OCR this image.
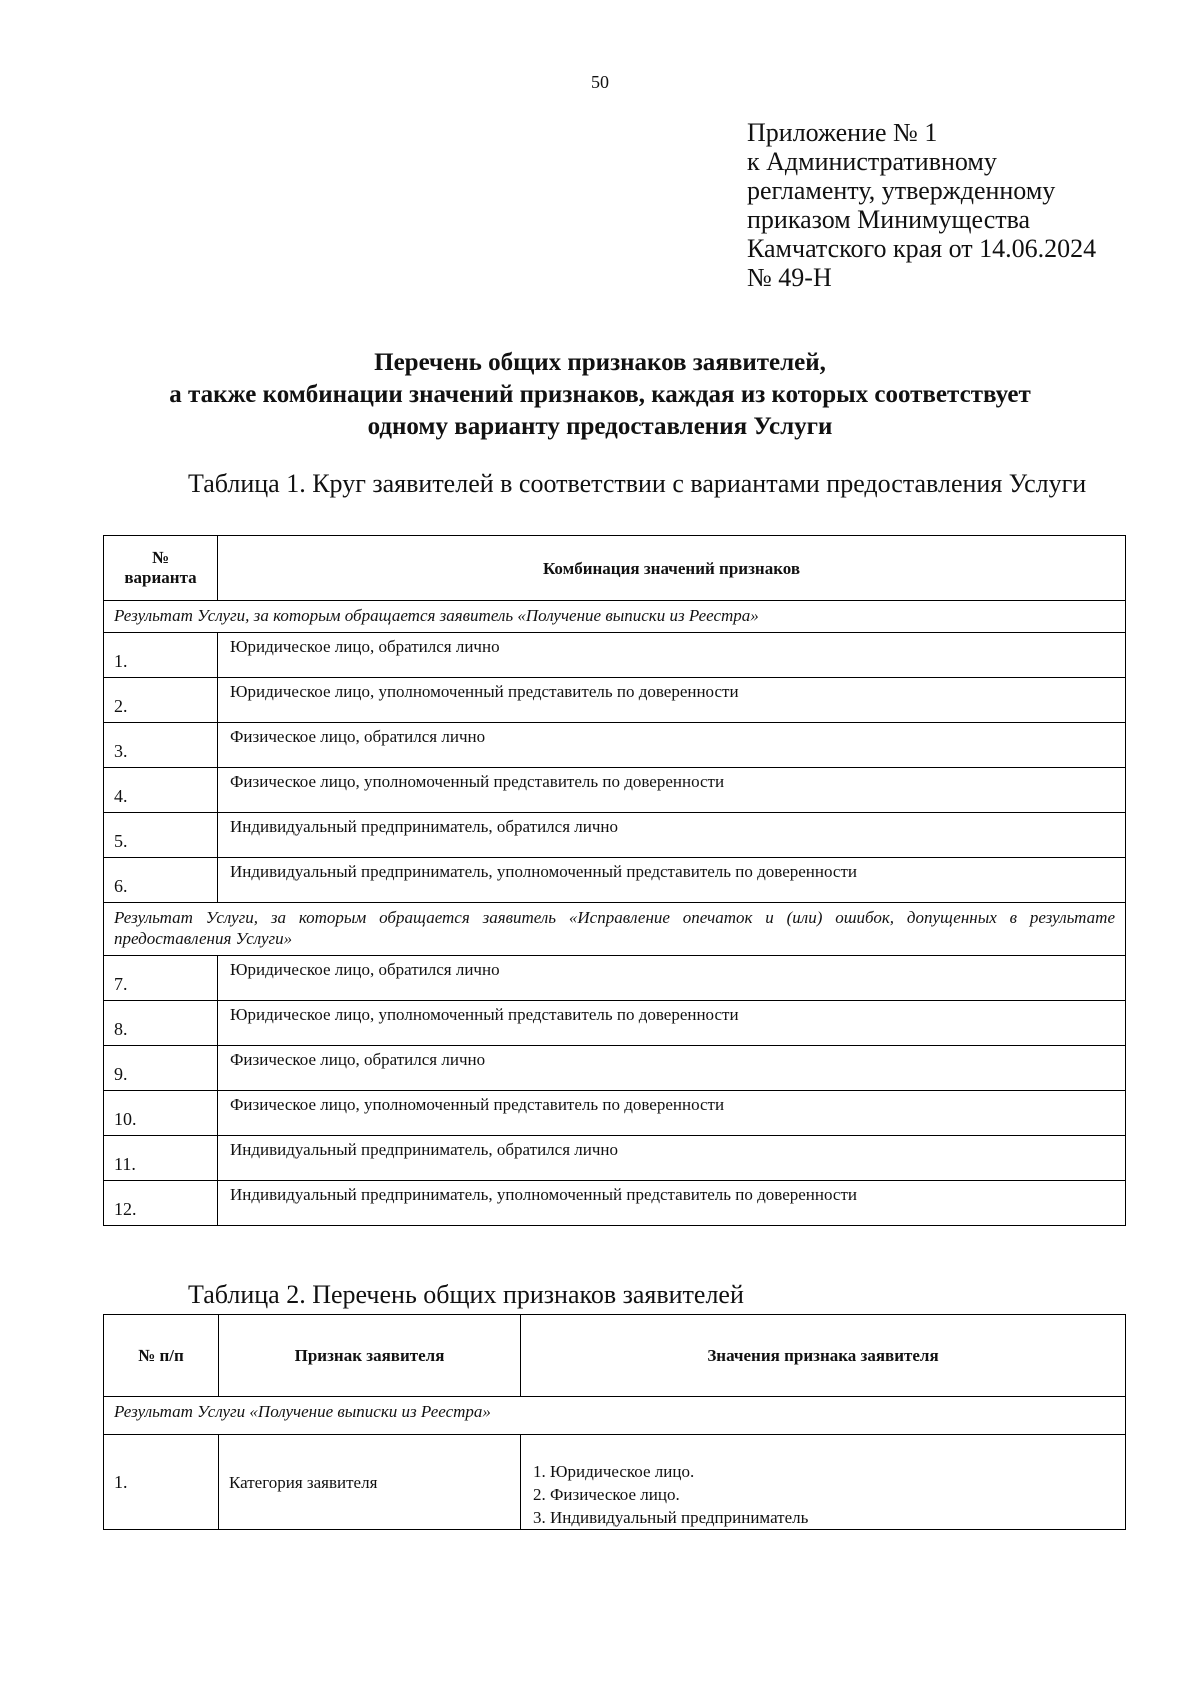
50
Приложение № 1
к Административному
регламенту, утвержденному
приказом Минимущества
Камчатского края от 14.06.2024
№ 49-Н
Перечень общих признаков заявителей,
а также комбинации значений признаков, каждая из которых соответствует
одному варианту предоставления Услуги
Таблица 1. Круг заявителей в соответствии с вариантами предоставления Услуги
№
варианта	Комбинация значений признаков
Результат Услуги, за которым обращается заявитель «Получение выписки из Реестра»	
1.	Юридическое лицо, обратился лично
2.	Юридическое лицо, уполномоченный представитель по доверенности
3.	Физическое лицо, обратился лично
4.	Физическое лицо, уполномоченный представитель по доверенности
5.	Индивидуальный предприниматель, обратился лично
6.	Индивидуальный предприниматель, уполномоченный представитель по доверенности
Результат Услуги, за которым обращается заявитель «Исправление опечаток и (или) ошибок, допущенных в результате предоставления Услуги»	
7.	Юридическое лицо, обратился лично
8.	Юридическое лицо, уполномоченный представитель по доверенности
9.	Физическое лицо, обратился лично
10.	Физическое лицо, уполномоченный представитель по доверенности
11.	Индивидуальный предприниматель, обратился лично
12.	Индивидуальный предприниматель, уполномоченный представитель по доверенности
Таблица 2. Перечень общих признаков заявителей
№ п/п	Признак заявителя	Значения признака заявителя
Результат Услуги «Получение выписки из Реестра»		
1.	Категория заявителя	1. Юридическое лицо.
2. Физическое лицо.
3. Индивидуальный предприниматель
